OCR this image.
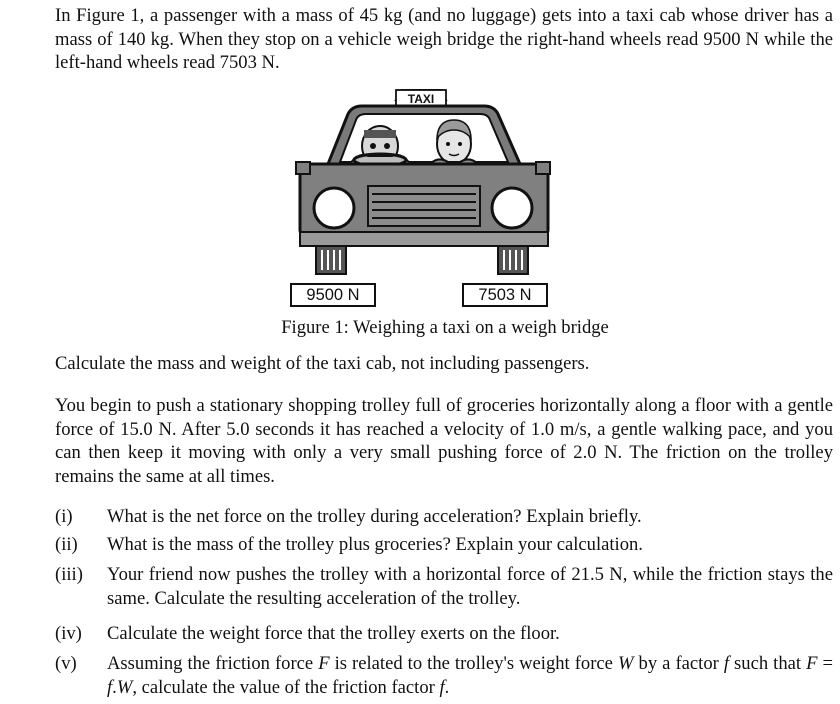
In Figure 1, a passenger with a mass of 45 kg (and no luggage) gets into a taxi cab whose driver has a mass of 140 kg. When they stop on a vehicle weigh bridge the right-hand wheels read 9500 N while the left-hand wheels read 7503 N.
TAXI
9500 N	7503 N
Figure 1: Weighing a taxi on a weigh bridge
Calculate the mass and weight of the taxi cab, not including passengers.
You begin to push a stationary shopping trolley full of groceries horizontally along a floor with a gentle force of 15.0 N. After 5.0 seconds it has reached a velocity of 1.0 m/s, a gentle walking pace, and you can then keep it moving with only a very small pushing force of 2.0 N. The friction on the trolley remains the same at all times.
(i)	What is the net force on the trolley during acceleration? Explain briefly.
(ii)	What is the mass of the trolley plus groceries? Explain your calculation.
(iii)	Your friend now pushes the trolley with a horizontal force of 21.5 N, while the friction stays the same. Calculate the resulting acceleration of the trolley.
(iv)	Calculate the weight force that the trolley exerts on the floor.
(v)	Assuming the friction force F is related to the trolley's weight force W by a factor f such that F = f.W, calculate the value of the friction factor f.
